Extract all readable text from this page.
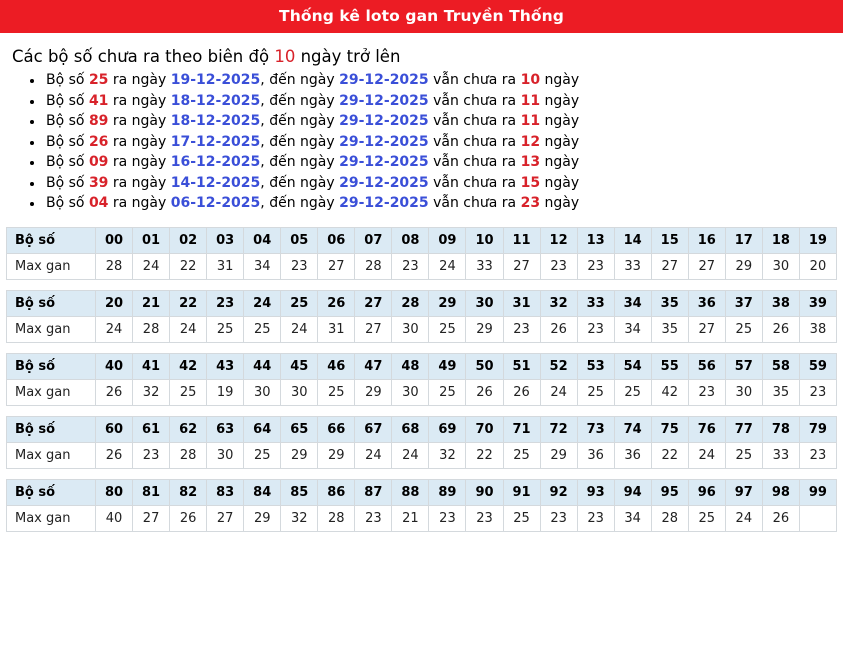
Thống kê loto gan Truyền Thống
Các bộ số chưa ra theo biên độ 10 ngày trở lên
• Bộ số 25 ra ngày 19-12-2025, đến ngày 29-12-2025 vẫn chưa ra 10 ngày
• Bộ số 41 ra ngày 18-12-2025, đến ngày 29-12-2025 vẫn chưa ra 11 ngày
• Bộ số 89 ra ngày 18-12-2025, đến ngày 29-12-2025 vẫn chưa ra 11 ngày
• Bộ số 26 ra ngày 17-12-2025, đến ngày 29-12-2025 vẫn chưa ra 12 ngày
• Bộ số 09 ra ngày 16-12-2025, đến ngày 29-12-2025 vẫn chưa ra 13 ngày
• Bộ số 39 ra ngày 14-12-2025, đến ngày 29-12-2025 vẫn chưa ra 15 ngày
• Bộ số 04 ra ngày 06-12-2025, đến ngày 29-12-2025 vẫn chưa ra 23 ngày
Bộ số	00	01	02	03	04	05	06	07	08	09	10	11	12	13	14	15	16	17	18	19
Max gan	28	24	22	31	34	23	27	28	23	24	33	27	23	23	33	27	27	29	30	20
Bộ số	20	21	22	23	24	25	26	27	28	29	30	31	32	33	34	35	36	37	38	39
Max gan	24	28	24	25	25	24	31	27	30	25	29	23	26	23	34	35	27	25	26	38
Bộ số	40	41	42	43	44	45	46	47	48	49	50	51	52	53	54	55	56	57	58	59
Max gan	26	32	25	19	30	30	25	29	30	25	26	26	24	25	25	42	23	30	35	23
Bộ số	60	61	62	63	64	65	66	67	68	69	70	71	72	73	74	75	76	77	78	79
Max gan	26	23	28	30	25	29	29	24	24	32	22	25	29	36	36	22	24	25	33	23
Bộ số	80	81	82	83	84	85	86	87	88	89	90	91	92	93	94	95	96	97	98	99
Max gan	40	27	26	27	29	32	28	23	21	23	23	25	23	23	34	28	25	24	26	
